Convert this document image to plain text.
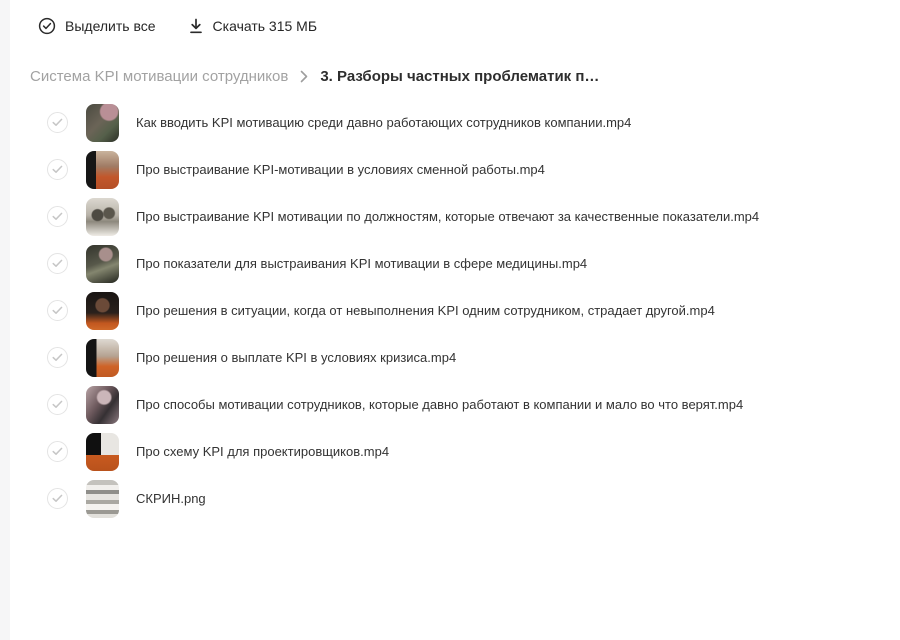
Выделить все	Скачать 315 МБ
Система KPI мотивации сотрудников 3. Разборы частных проблематик п…
Как вводить KPI мотивацию среди давно работающих сотрудников компании.mp4
Про выстраивание KPI-мотивации в условиях сменной работы.mp4
Про выстраивание KPI мотивации по должностям, которые отвечают за качественные показатели.mp4
Про показатели для выстраивания KPI мотивации в сфере медицины.mp4
Про решения в ситуации, когда от невыполнения KPI одним сотрудником, страдает другой.mp4
Про решения о выплате KPI в условиях кризиса.mp4
Про способы мотивации сотрудников, которые давно работают в компании и мало во что верят.mp4
Про схему KPI для проектировщиков.mp4
СКРИН.png
